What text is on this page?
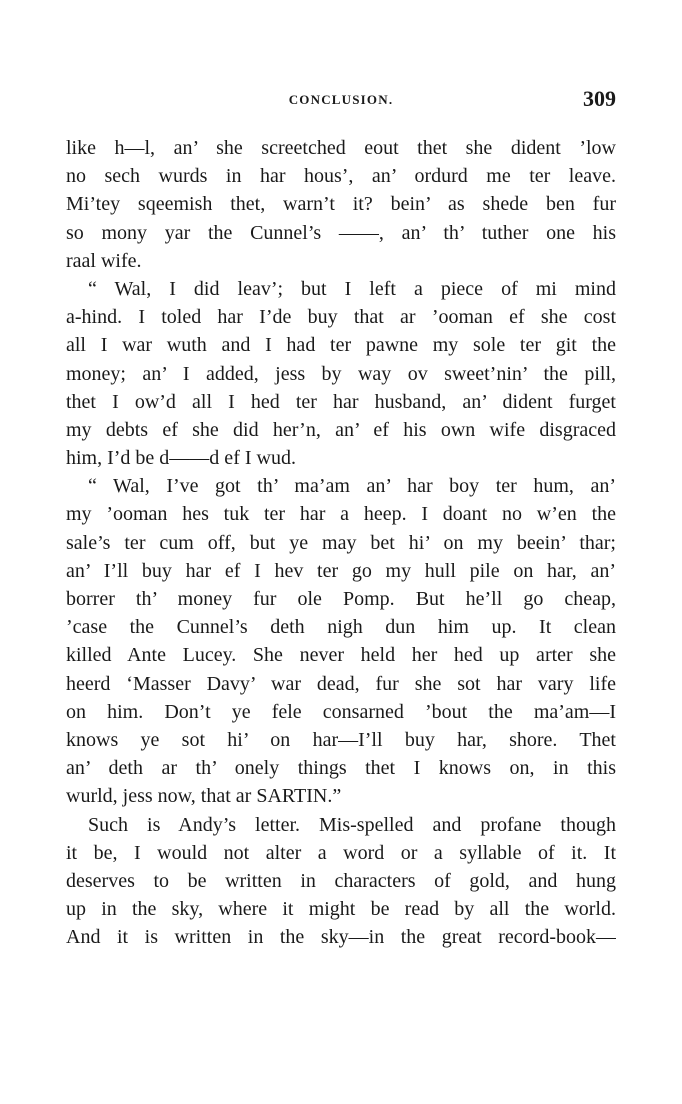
CONCLUSION.	309
like h—l, an’ she screetched eout thet she dident ’low
no sech wurds in har hous’, an’ ordurd me ter leave.
Mi’tey sqeemish thet, warn’t it? bein’ as shede ben fur
so mony yar the Cunnel’s ——, an’ th’ tuther one his
raal wife.
“ Wal, I did leav’; but I left a piece of mi mind
a-hind. I toled har I’de buy that ar ’ooman ef she cost
all I war wuth and I had ter pawne my sole ter git the
money; an’ I added, jess by way ov sweet’nin’ the pill,
thet I ow’d all I hed ter har husband, an’ dident furget
my debts ef she did her’n, an’ ef his own wife disgraced
him, I’d be d——d ef I wud.
“ Wal, I’ve got th’ ma’am an’ har boy ter hum, an’
my ’ooman hes tuk ter har a heep. I doant no w’en the
sale’s ter cum off, but ye may bet hi’ on my beein’ thar;
an’ I’ll buy har ef I hev ter go my hull pile on har, an’
borrer th’ money fur ole Pomp. But he’ll go cheap,
’case the Cunnel’s deth nigh dun him up. It clean
killed Ante Lucey. She never held her hed up arter she
heerd ‘Masser Davy’ war dead, fur she sot har vary life
on him. Don’t ye fele consarned ’bout the ma’am—I
knows ye sot hi’ on har—I’ll buy har, shore. Thet
an’ deth ar th’ onely things thet I knows on, in this
wurld, jess now, that ar SARTIN.”
Such is Andy’s letter. Mis-spelled and profane though
it be, I would not alter a word or a syllable of it. It
deserves to be written in characters of gold, and hung
up in the sky, where it might be read by all the world.
And it is written in the sky—in the great record-book—
